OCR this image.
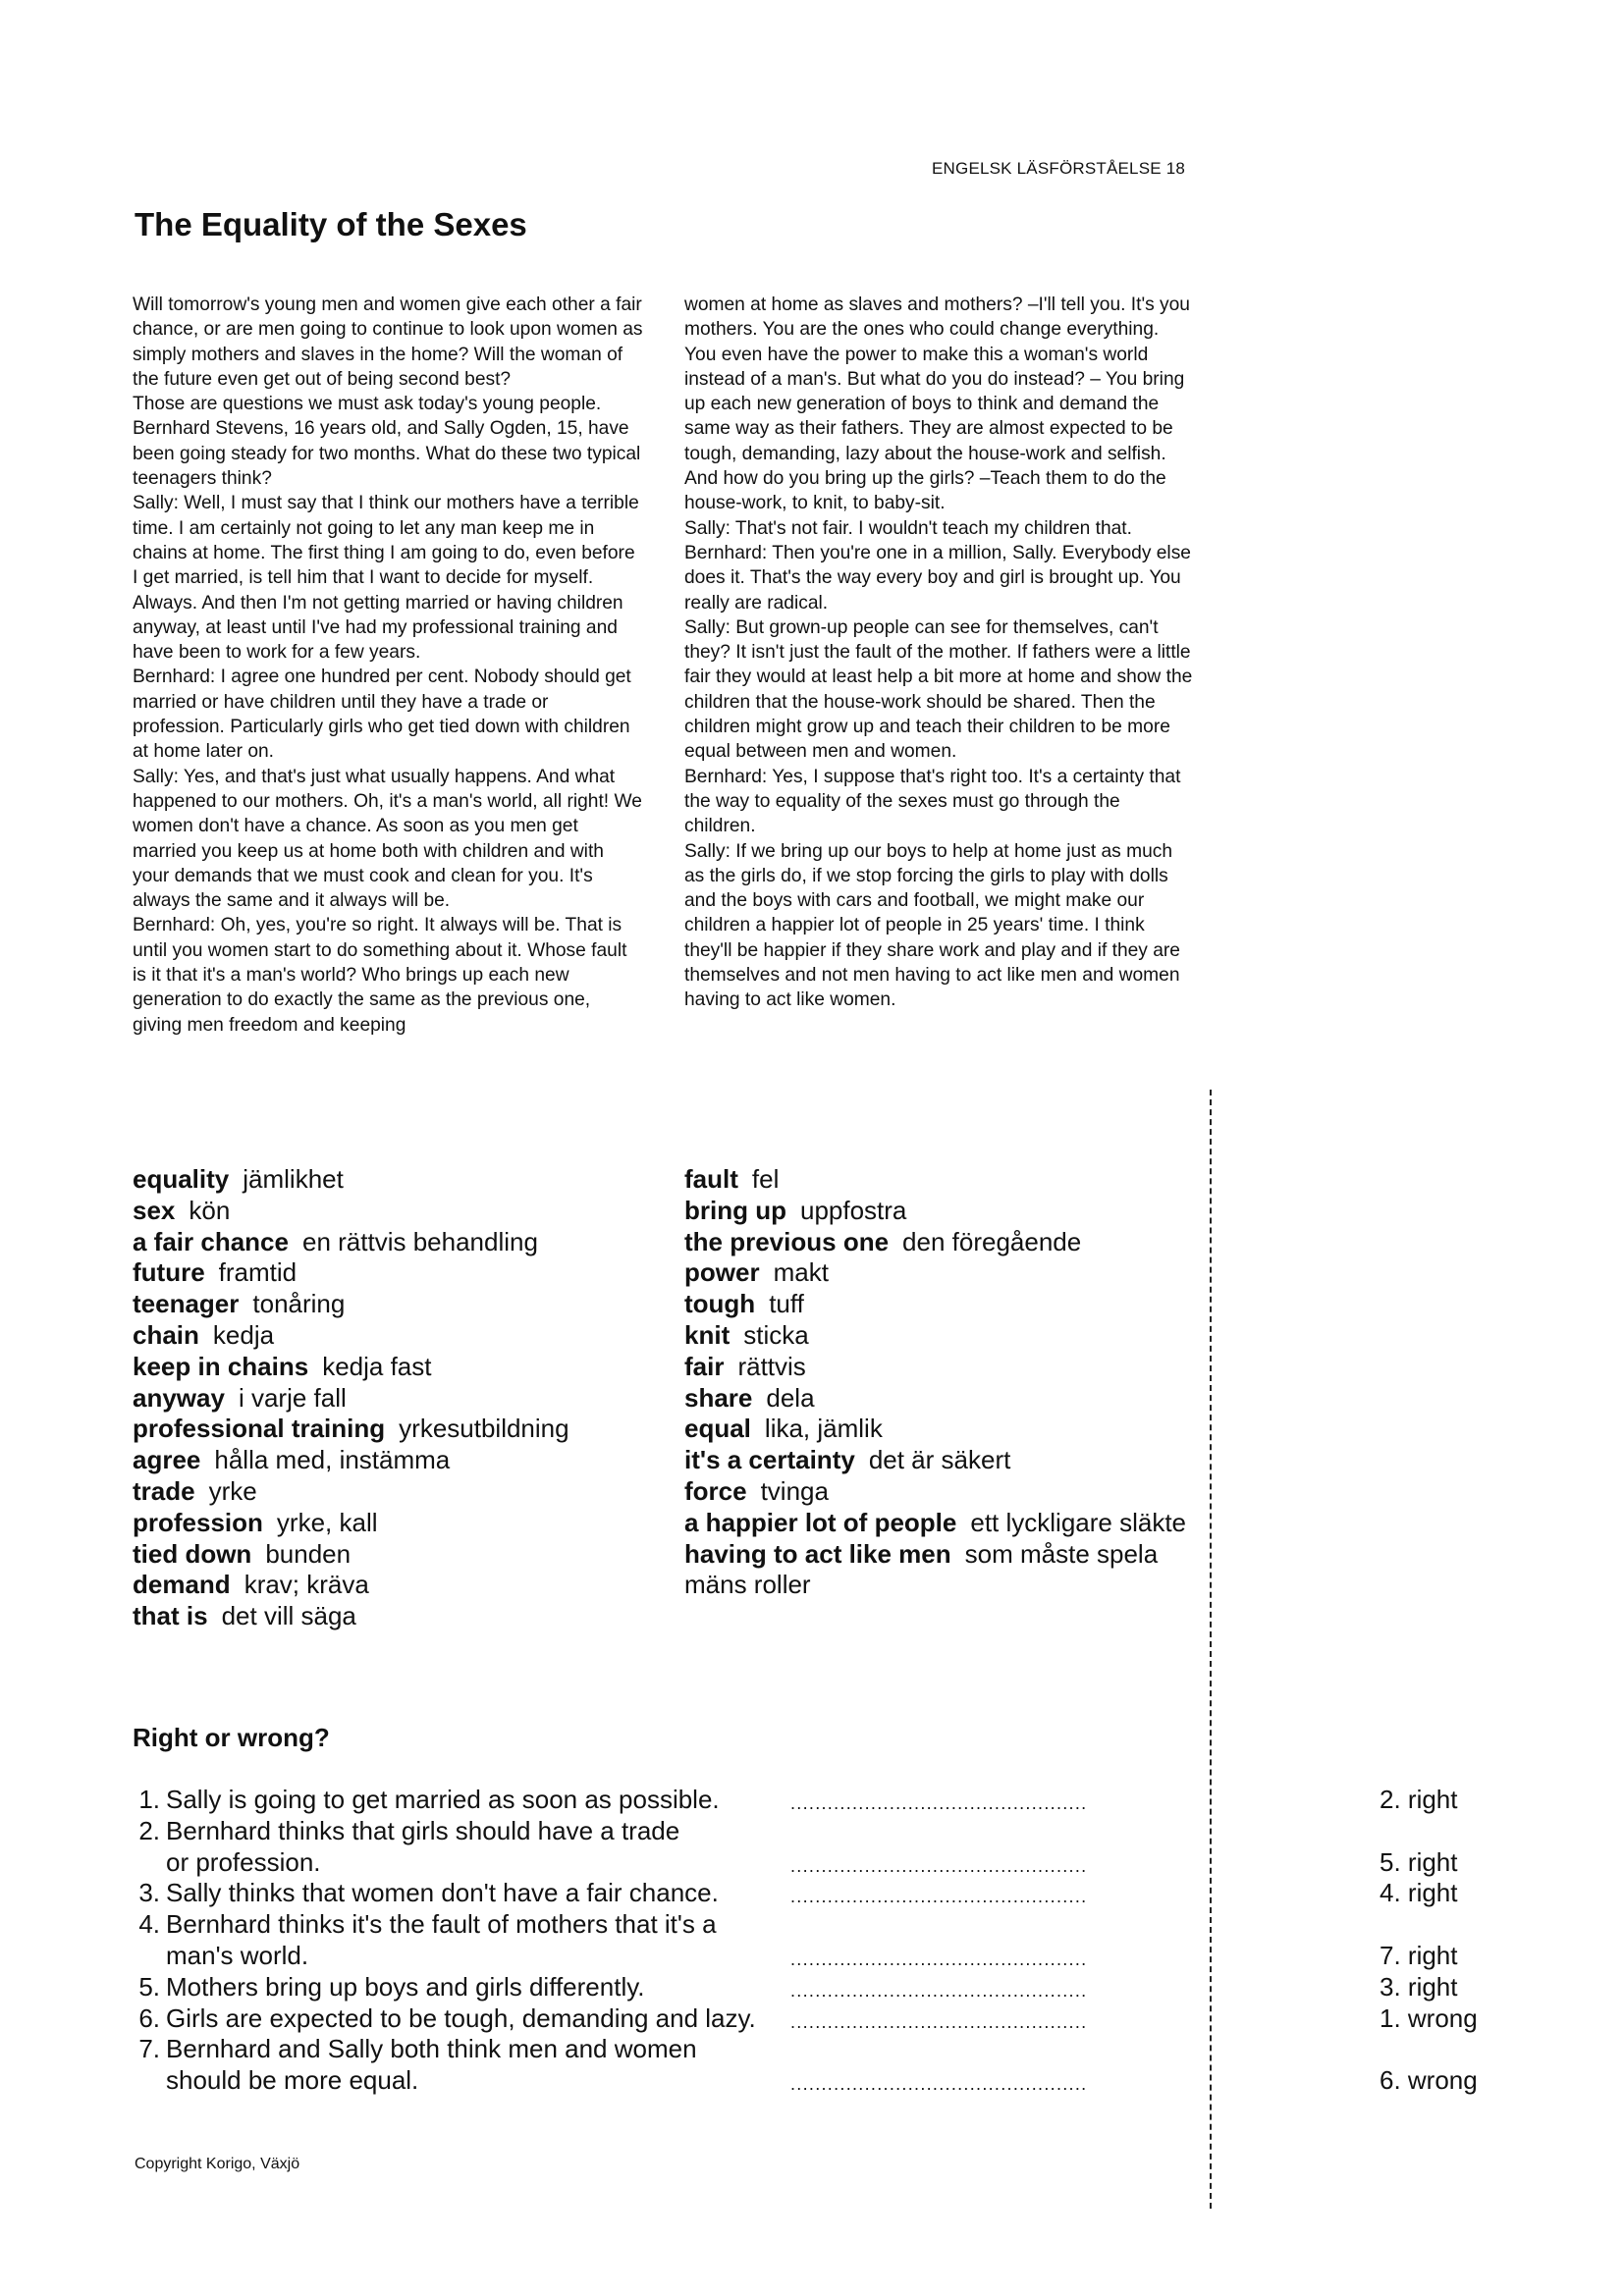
ENGELSK LÄSFÖRSTÅELSE 18
The Equality of the Sexes

Will tomorrow's young men and women give each other a fair chance, or are men going to continue to look upon women as simply mothers and slaves in the home? Will the woman of the future even get out of being second best?

Those are questions we must ask today's young people. Bernhard Stevens, 16 years old, and Sally Ogden, 15, have been going steady for two months. What do these two typical teenagers think?

Sally: Well, I must say that I think our mothers have a terrible time. I am certainly not going to let any man keep me in chains at home. The first thing I am going to do, even before I get married, is tell him that I want to decide for myself. Always. And then I'm not getting married or having children anyway, at least until I've had my professional training and have been to work for a few years.

Bernhard: I agree one hundred per cent. Nobody should get married or have children until they have a trade or profession. Particularly girls who get tied down with children at home later on.

Sally: Yes, and that's just what usually happens. And what happened to our mothers. Oh, it's a man's world, all right! We women don't have a chance. As soon as you men get married you keep us at home both with children and with your demands that we must cook and clean for you. It's always the same and it always will be.

Bernhard: Oh, yes, you're so right. It always will be. That is until you women start to do something about it. Whose fault is it that it's a man's world? Who brings up each new generation to do exactly the same as the previous one, giving men freedom and keeping

women at home as slaves and mothers? –I'll tell you. It's you mothers. You are the ones who could change everything. You even have the power to make this a woman's world instead of a man's. But what do you do instead? – You bring up each new generation of boys to think and demand the same way as their fathers. They are almost expected to be tough, demanding, lazy about the house-work and selfish. And how do you bring up the girls? –Teach them to do the house-work, to knit, to baby-sit.

Sally: That's not fair. I wouldn't teach my children that.

Bernhard: Then you're one in a million, Sally. Everybody else does it. That's the way every boy and girl is brought up. You really are radical.

Sally: But grown-up people can see for themselves, can't they? It isn't just the fault of the mother. If fathers were a little fair they would at least help a bit more at home and show the children that the house-work should be shared. Then the children might grow up and teach their children to be more equal between men and women.

Bernhard: Yes, I suppose that's right too. It's a certainty that the way to equality of the sexes must go through the children.

Sally: If we bring up our boys to help at home just as much as the girls do, if we stop forcing the girls to play with dolls and the boys with cars and football, we might make our children a happier lot of people in 25 years' time. I think they'll be happier if they share work and play and if they are themselves and not men having to act like men and women having to act like women.

equality jämlikhet
sex kön
a fair chance en rättvis behandling
future framtid
teenager tonåring
chain kedja
keep in chains kedja fast
anyway i varje fall
professional training yrkesutbildning
agree hålla med, instämma
trade yrke
profession yrke, kall
tied down bunden
demand krav; kräva
that is det vill säga
fault fel
bring up uppfostra
the previous one den föregående
power makt
tough tuff
knit sticka
fair rättvis
share dela
equal lika, jämlik
it's a certainty det är säkert
force tvinga
a happier lot of people ett lyckligare släkte
having to act like men som måste spela mäns roller
Right or wrong?
1. Sally is going to get married as soon as possible.	................................................	2. right
2. Bernhard thinks that girls should have a trade
or profession.	................................................	5. right
3. Sally thinks that women don't have a fair chance.	................................................	4. right
4. Bernhard thinks it's the fault of mothers that it's a
man's world.	................................................	7. right
5. Mothers bring up boys and girls differently.	................................................	3. right
6. Girls are expected to be tough, demanding and lazy. ................................................	1. wrong
7. Bernhard and Sally both think men and women
should be more equal.	................................................	6. wrong
Copyright Korigo, Växjö
